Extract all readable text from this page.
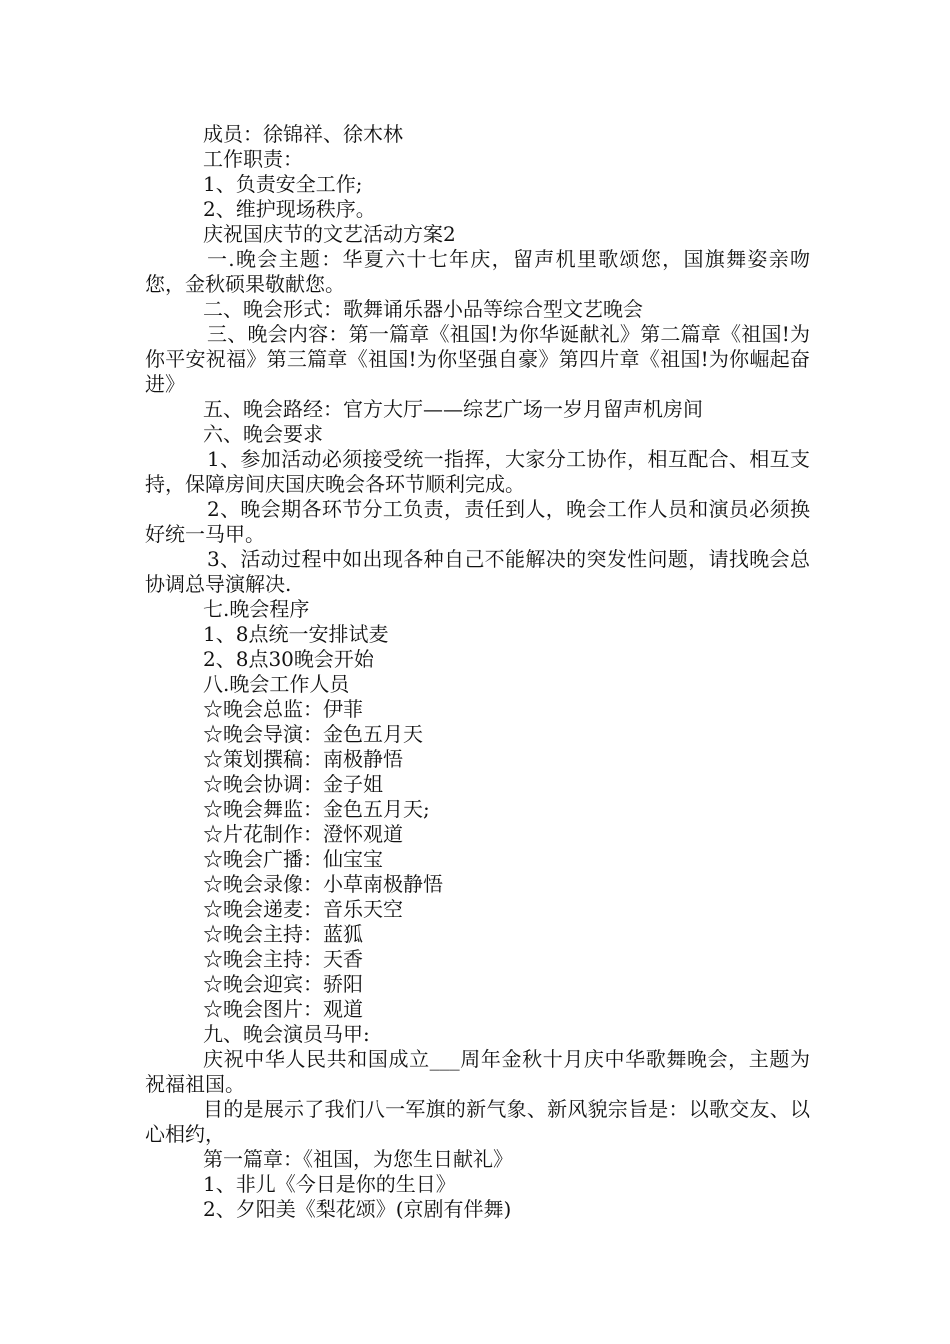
成员：徐锦祥、徐木林

工作职责：

1、负责安全工作;

2、维护现场秩序。

庆祝国庆节的文艺活动方案2

一.晚会主题：华夏六十七年庆，留声机里歌颂您，国旗舞姿亲吻您，金秋硕果敬献您。

二、晚会形式：歌舞诵乐器小品等综合型文艺晚会

三、晚会内容：第一篇章《祖国!为你华诞献礼》第二篇章《祖国!为你平安祝福》第三篇章《祖国!为你坚强自豪》第四片章《祖国!为你崛起奋进》

五、晚会路经：官方大厅——综艺广场一岁月留声机房间

六、晚会要求

1、参加活动必须接受统一指挥，大家分工协作，相互配合、相互支持，保障房间庆国庆晚会各环节顺利完成。

2、晚会期各环节分工负责，责任到人，晚会工作人员和演员必须换好统一马甲。

3、活动过程中如出现各种自己不能解决的突发性问题，请找晚会总协调总导演解决.

七.晚会程序

1、8点统一安排试麦

2、8点30晚会开始

八.晚会工作人员

☆晚会总监：伊菲

☆晚会导演：金色五月天

☆策划撰稿：南极静悟

☆晚会协调：金子姐

☆晚会舞监：金色五月天;

☆片花制作：澄怀观道

☆晚会广播：仙宝宝

☆晚会录像：小草南极静悟

☆晚会递麦：音乐天空

☆晚会主持：蓝狐

☆晚会主持：天香

☆晚会迎宾：骄阳

☆晚会图片：观道

九、晚会演员马甲:

庆祝中华人民共和国成立___周年金秋十月庆中华歌舞晚会，主题为祝福祖国。

目的是展示了我们八一军旗的新气象、新风貌宗旨是：以歌交友、以心相约，

第一篇章：《祖国，为您生日献礼》

1、非儿《今日是你的生日》

2、夕阳美《梨花颂》(京剧有伴舞)
